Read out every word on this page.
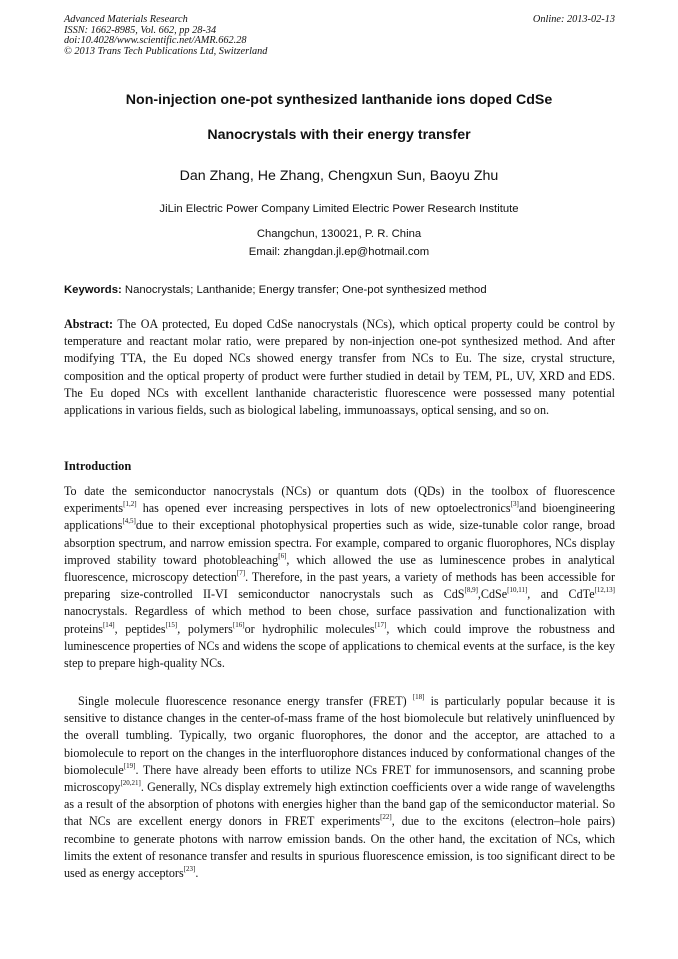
Advanced Materials Research
ISSN: 1662-8985, Vol. 662, pp 28-34
doi:10.4028/www.scientific.net/AMR.662.28
© 2013 Trans Tech Publications Ltd, Switzerland
Online: 2013-02-13
Non-injection one-pot synthesized lanthanide ions doped CdSe
Nanocrystals with their energy transfer
Dan Zhang, He Zhang, Chengxun Sun, Baoyu Zhu
JiLin Electric Power Company Limited Electric Power Research Institute
Changchun, 130021, P. R. China
Email: zhangdan.jl.ep@hotmail.com
Keywords: Nanocrystals; Lanthanide; Energy transfer; One-pot synthesized method
Abstract: The OA protected, Eu doped CdSe nanocrystals (NCs), which optical property could be control by temperature and reactant molar ratio, were prepared by non-injection one-pot synthesized method. And after modifying TTA, the Eu doped NCs showed energy transfer from NCs to Eu. The size, crystal structure, composition and the optical property of product were further studied in detail by TEM, PL, UV, XRD and EDS. The Eu doped NCs with excellent lanthanide characteristic fluorescence were possessed many potential applications in various fields, such as biological labeling, immunoassays, optical sensing, and so on.
Introduction
To date the semiconductor nanocrystals (NCs) or quantum dots (QDs) in the toolbox of fluorescence experiments[1,2] has opened ever increasing perspectives in lots of new optoelectronics[3]and bioengineering applications[4,5]due to their exceptional photophysical properties such as wide, size-tunable color range, broad absorption spectrum, and narrow emission spectra. For example, compared to organic fluorophores, NCs display improved stability toward photobleaching[6], which allowed the use as luminescence probes in analytical fluorescence, microscopy detection[7]. Therefore, in the past years, a variety of methods has been accessible for preparing size-controlled II-VI semiconductor nanocrystals such as CdS[8,9],CdSe[10,11], and CdTe[12,13] nanocrystals. Regardless of which method to been chose, surface passivation and functionalization with proteins[14], peptides[15], polymers[16]or hydrophilic molecules[17], which could improve the robustness and luminescence properties of NCs and widens the scope of applications to chemical events at the surface, is the key step to prepare high-quality NCs.
Single molecule fluorescence resonance energy transfer (FRET) [18] is particularly popular because it is sensitive to distance changes in the center-of-mass frame of the host biomolecule but relatively uninfluenced by the overall tumbling. Typically, two organic fluorophores, the donor and the acceptor, are attached to a biomolecule to report on the changes in the interfluorophore distances induced by conformational changes of the biomolecule[19]. There have already been efforts to utilize NCs FRET for immunosensors, and scanning probe microscopy[20,21]. Generally, NCs display extremely high extinction coefficients over a wide range of wavelengths as a result of the absorption of photons with energies higher than the band gap of the semiconductor material. So that NCs are excellent energy donors in FRET experiments[22], due to the excitons (electron–hole pairs) recombine to generate photons with narrow emission bands. On the other hand, the excitation of NCs, which limits the extent of resonance transfer and results in spurious fluorescence emission, is too significant direct to be used as energy acceptors[23].
